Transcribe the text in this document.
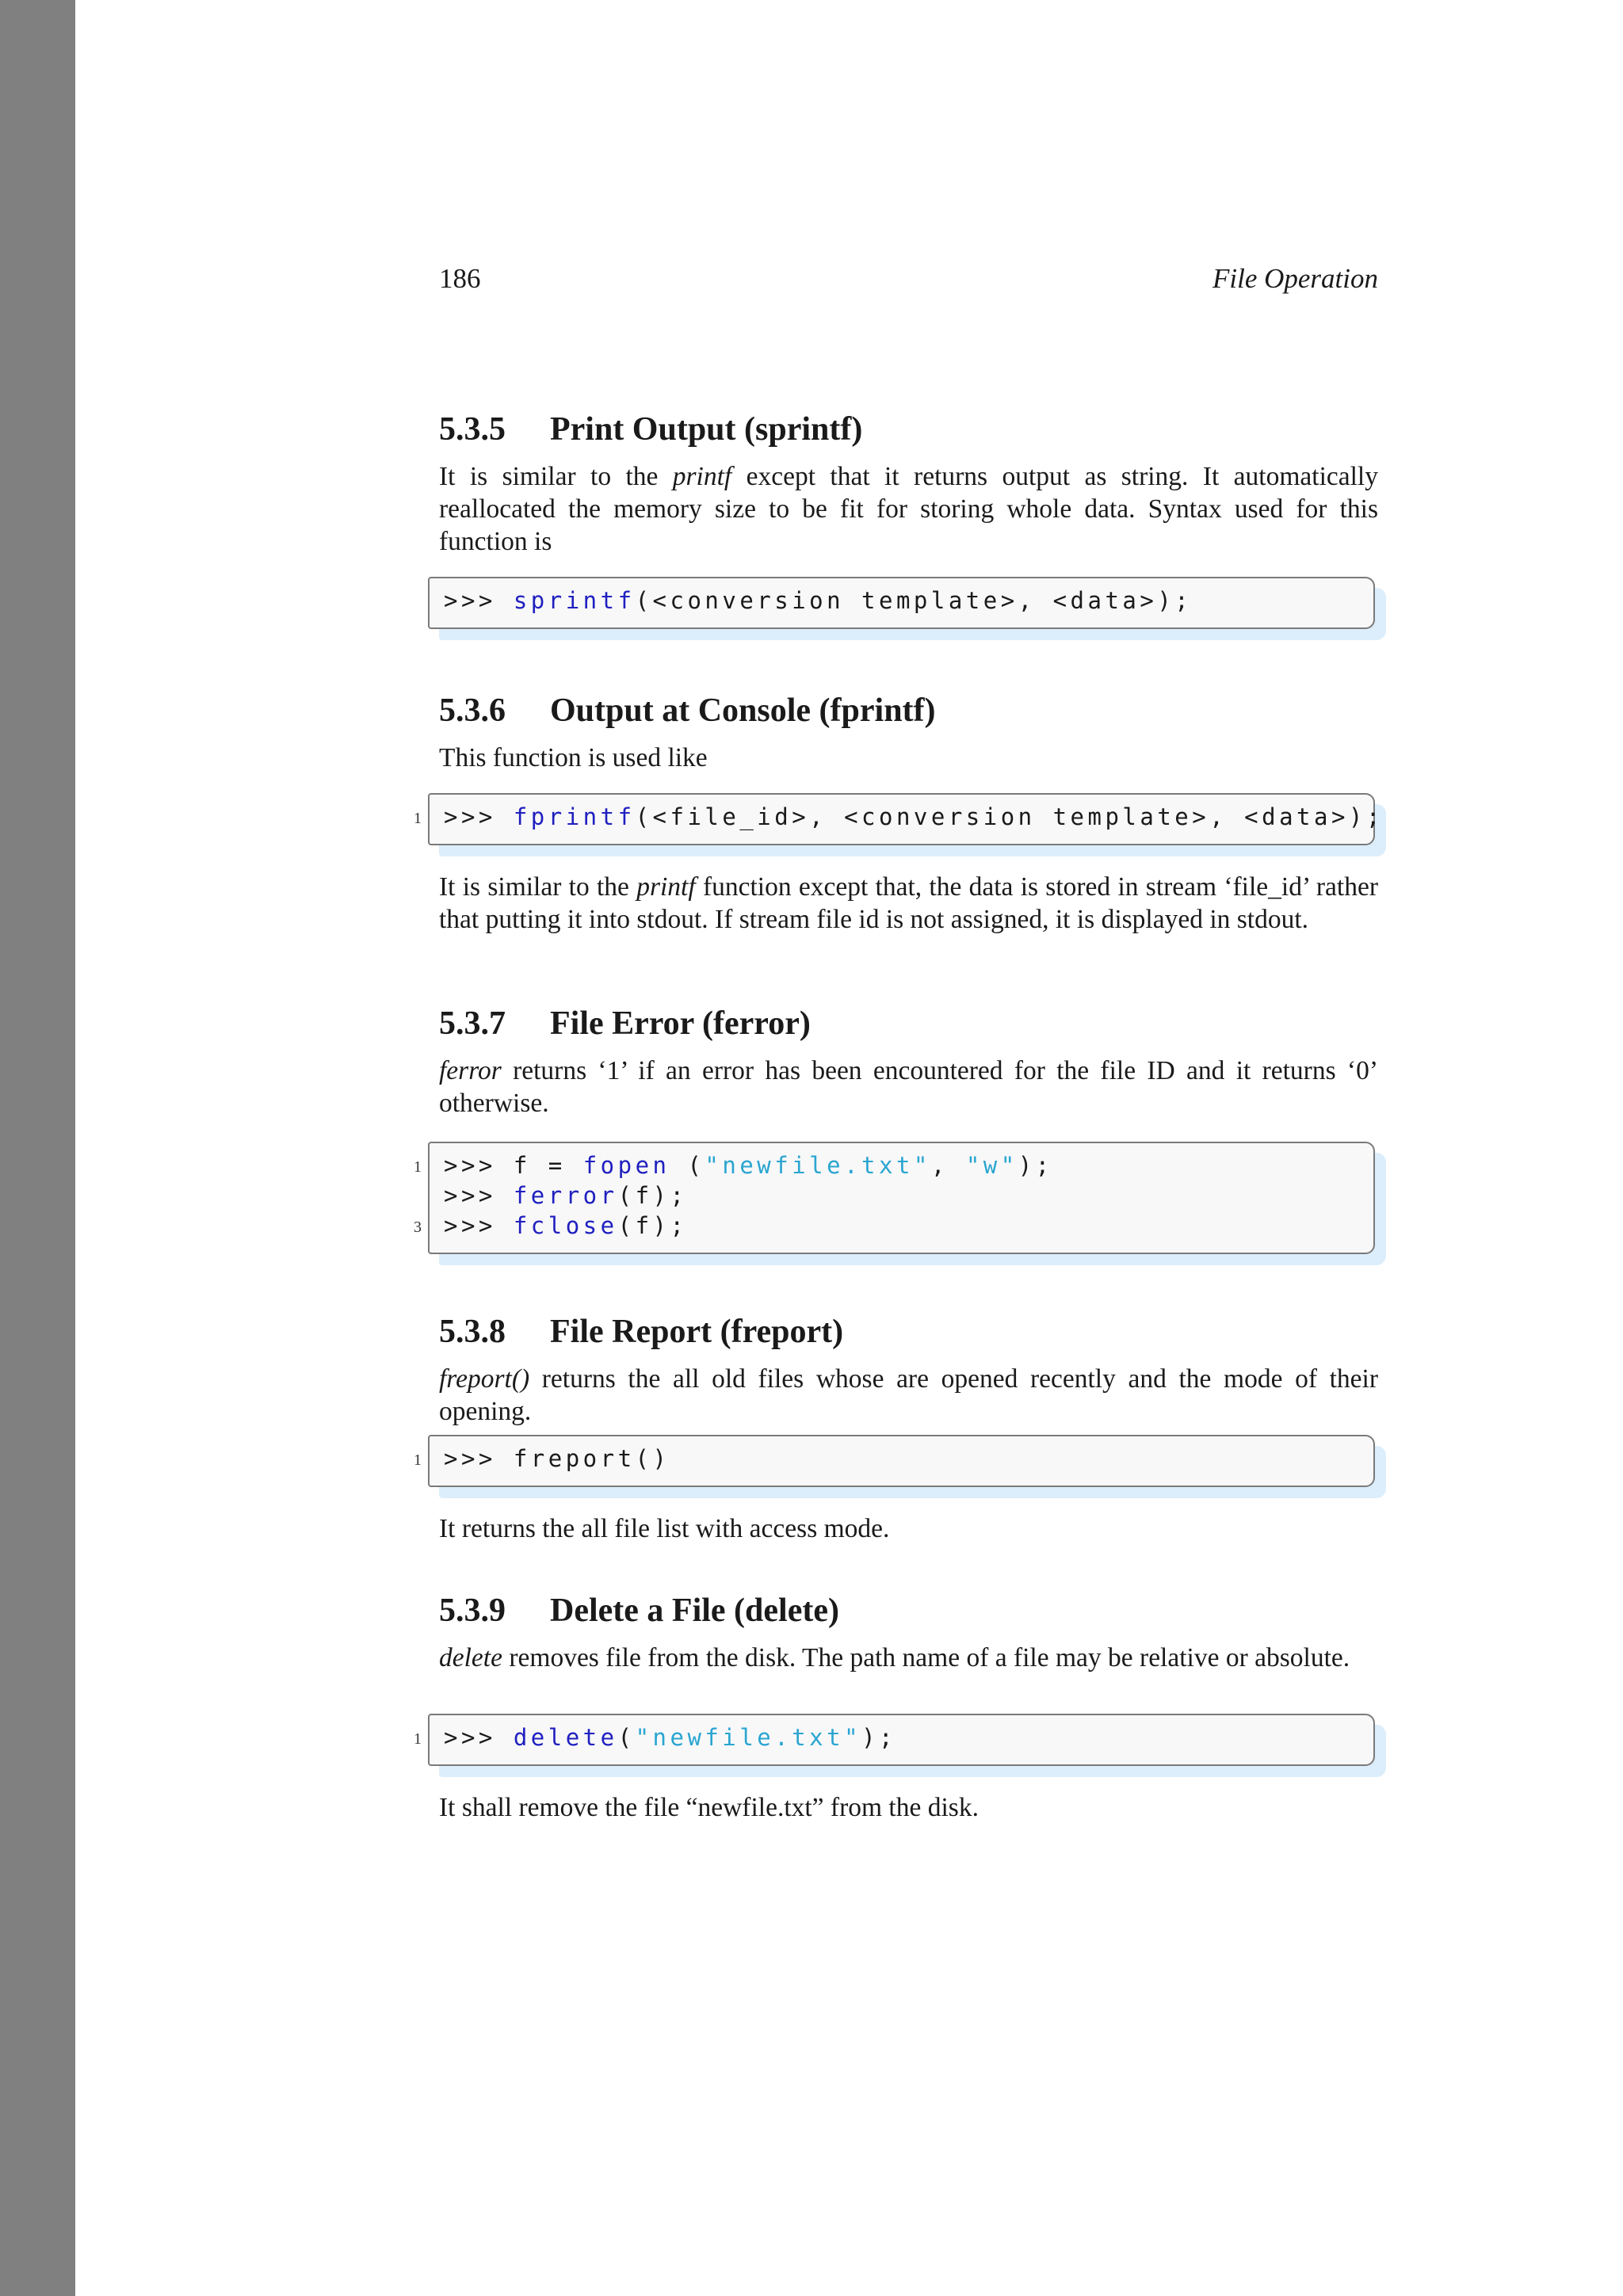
186	File Operation
5.3.5 Print Output (sprintf)

It is similar to the printf except that it returns output as string. It automatically reallocated the memory size to be fit for storing whole data. Syntax used for this function is

>>> sprintf(<conversion template>, <data>);
5.3.6 Output at Console (fprintf)

This function is used like

1 >>> fprintf(<file_id>, <conversion template>, <data>);

It is similar to the printf function except that, the data is stored in stream ‘file_id’ rather that putting it into stdout. If stream file id is not assigned, it is displayed in stdout.

5.3.7 File Error (ferror)

ferror returns ‘1’ if an error has been encountered for the file ID and it returns ‘0’ otherwise.

1 >>> f = fopen ("newfile.txt", "w");
>>> ferror(f);
3 >>> fclose(f);
5.3.8 File Report (freport)

freport() returns the all old files whose are opened recently and the mode of their opening.

1 >>> freport()

It returns the all file list with access mode.

5.3.9 Delete a File (delete)

delete removes file from the disk. The path name of a file may be relative or absolute.

1 >>> delete("newfile.txt");

It shall remove the file “newfile.txt” from the disk.
